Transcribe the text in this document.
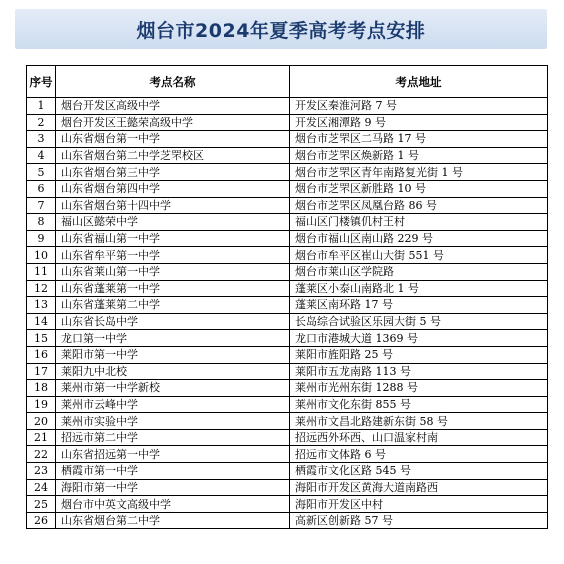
烟台市2024年夏季高考考点安排
序号	考点名称	考点地址
1	烟台开发区高级中学	开发区秦淮河路 7 号
2	烟台开发区王懿荣高级中学	开发区湘潭路 9 号
3	山东省烟台第一中学	烟台市芝罘区二马路 17 号
4	山东省烟台第二中学芝罘校区	烟台市芝罘区焕新路 1 号
5	山东省烟台第三中学	烟台市芝罘区青年南路复光街 1 号
6	山东省烟台第四中学	烟台市芝罘区新胜路 10 号
7	山东省烟台第十四中学	烟台市芝罘区凤凰台路 86 号
8	福山区懿荣中学	福山区门楼镇仉村王村
9	山东省福山第一中学	烟台市福山区南山路 229 号
10	山东省牟平第一中学	烟台市牟平区崔山大街 551 号
11	山东省莱山第一中学	烟台市莱山区学院路
12	山东省蓬莱第一中学	蓬莱区小泰山南路北 1 号
13	山东省蓬莱第二中学	蓬莱区南环路 17 号
14	山东省长岛中学	长岛综合试验区乐园大街 5 号
15	龙口第一中学	龙口市港城大道 1369 号
16	莱阳市第一中学	莱阳市旌阳路 25 号
17	莱阳九中北校	莱阳市五龙南路 113 号
18	莱州市第一中学新校	莱州市光州东街 1288 号
19	莱州市云峰中学	莱州市文化东街 855 号
20	莱州市实验中学	莱州市文昌北路建新东街 58 号
21	招远市第二中学	招远西外环西、山口温家村南
22	山东省招远第一中学	招远市文体路 6 号
23	栖霞市第一中学	栖霞市文化区路 545 号
24	海阳市第一中学	海阳市开发区黄海大道南路西
25	烟台市中英文高级中学	海阳市开发区中村
26	山东省烟台第二中学	高新区创新路 57 号
